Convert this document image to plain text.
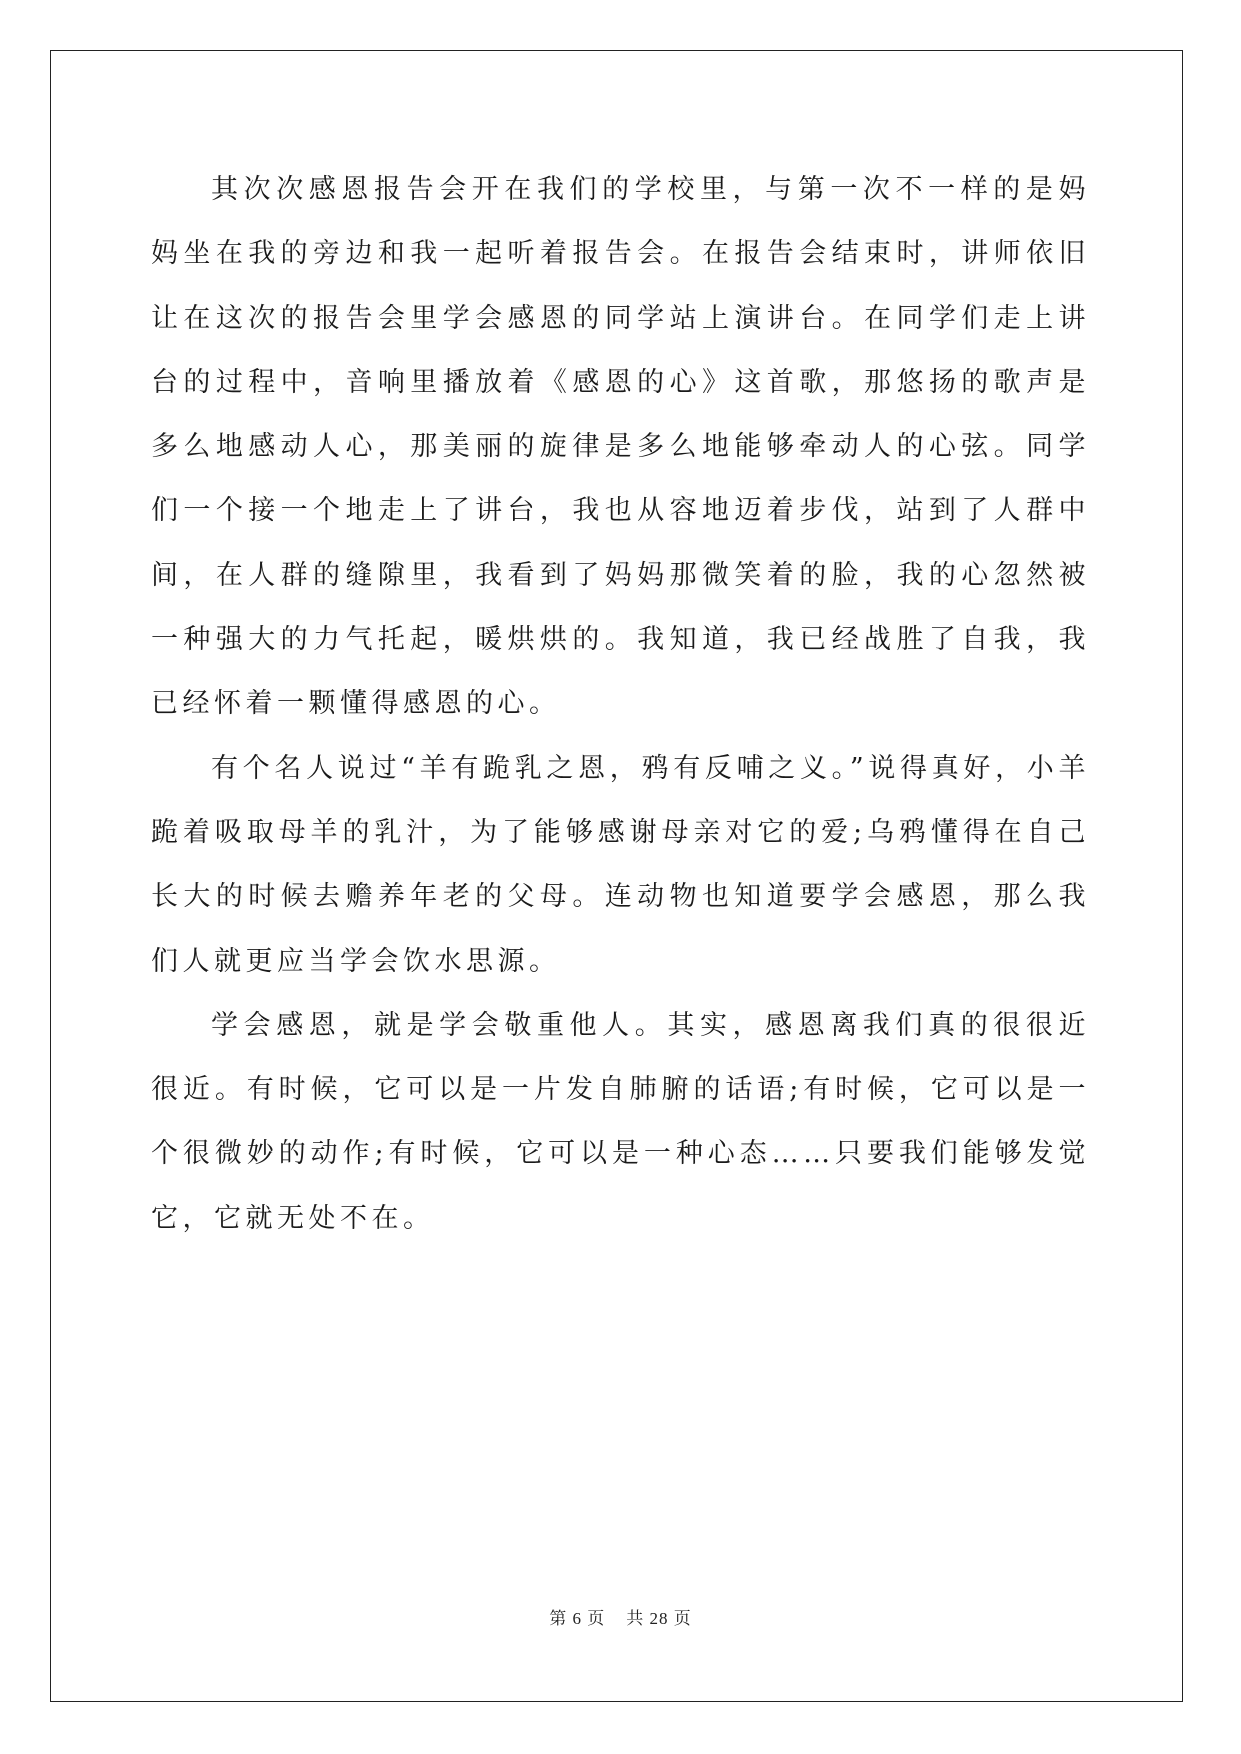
其次次感恩报告会开在我们的学校里，与第一次不一样的是妈妈坐在我的旁边和我一起听着报告会。在报告会结束时，讲师依旧让在这次的报告会里学会感恩的同学站上演讲台。在同学们走上讲台的过程中，音响里播放着《感恩的心》这首歌，那悠扬的歌声是多么地感动人心，那美丽的旋律是多么地能够牵动人的心弦。同学们一个接一个地走上了讲台，我也从容地迈着步伐，站到了人群中间，在人群的缝隙里，我看到了妈妈那微笑着的脸，我的心忽然被一种强大的力气托起，暖烘烘的。我知道，我已经战胜了自我，我已经怀着一颗懂得感恩的心。

有个名人说过“羊有跪乳之恩，鸦有反哺之义。”说得真好，小羊跪着吸取母羊的乳汁，为了能够感谢母亲对它的爱;乌鸦懂得在自己长大的时候去赡养年老的父母。连动物也知道要学会感恩，那么我们人就更应当学会饮水思源。

学会感恩，就是学会敬重他人。其实，感恩离我们真的很很近很近。有时候，它可以是一片发自肺腑的话语;有时候，它可以是一个很微妙的动作;有时候，它可以是一种心态……只要我们能够发觉它，它就无处不在。

第 6 页 共 28 页
